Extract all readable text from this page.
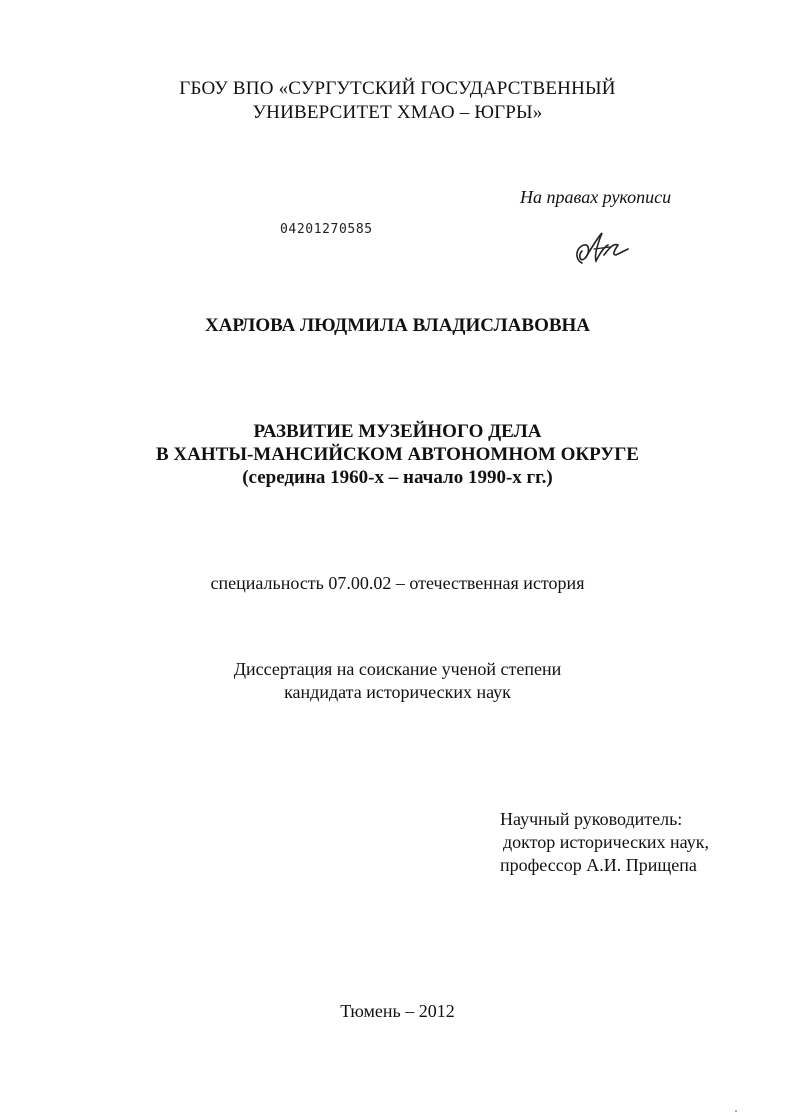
ГБОУ ВПО «СУРГУТСКИЙ ГОСУДАРСТВЕННЫЙ
УНИВЕРСИТЕТ ХМАО – ЮГРЫ»
На правах рукописи
04201270585
ХАРЛОВА ЛЮДМИЛА ВЛАДИСЛАВОВНА
РАЗВИТИЕ МУЗЕЙНОГО ДЕЛА
В ХАНТЫ-МАНСИЙСКОМ АВТОНОМНОМ ОКРУГЕ
(середина 1960-х – начало 1990-х гг.)
специальность 07.00.02 – отечественная история
Диссертация на соискание ученой степени
кандидата исторических наук
Научный руководитель:
доктор исторических наук,
профессор А.И. Прищепа
Тюмень – 2012
